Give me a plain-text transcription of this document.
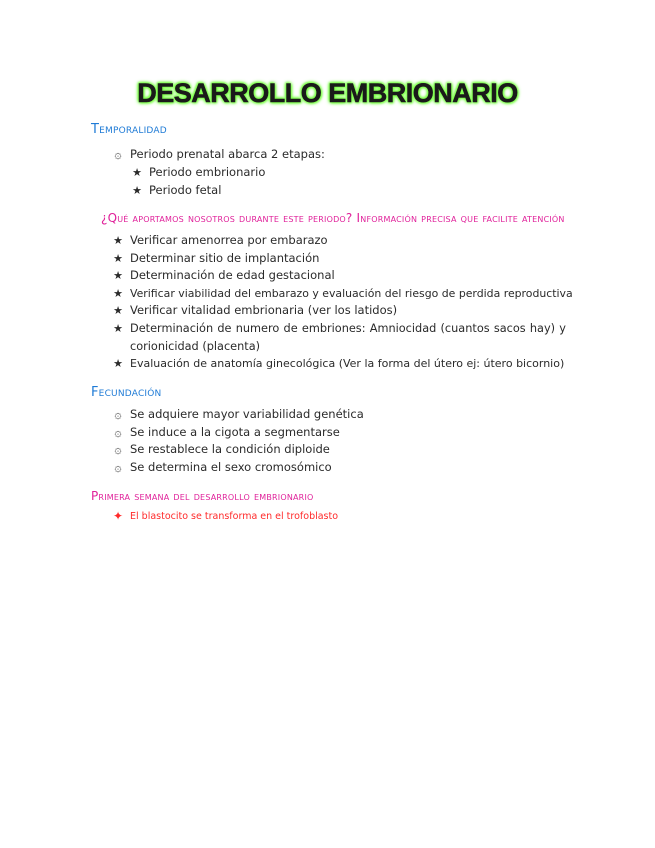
DESARROLLO EMBRIONARIO
Temporalidad
۞ Periodo prenatal abarca 2 etapas:
★ Periodo embrionario
★ Periodo fetal
¿Qué aportamos nosotros durante este periodo? Información precisa que facilite atención
★ Verificar amenorrea por embarazo
★ Determinar sitio de implantación
★ Determinación de edad gestacional
★ Verificar viabilidad del embarazo y evaluación del riesgo de perdida reproductiva
★ Verificar vitalidad embrionaria (ver los latidos)
★ Determinación de numero de embriones: Amniocidad (cuantos sacos hay) y corionicidad (placenta)
★ Evaluación de anatomía ginecológica (Ver la forma del útero ej: útero bicornio)
Fecundación
۞ Se adquiere mayor variabilidad genética
۞ Se induce a la cigota a segmentarse
۞ Se restablece la condición diploide
۞ Se determina el sexo cromosómico
Primera semana del desarrollo embrionario
✦ El blastocito se transforma en el trofoblasto
